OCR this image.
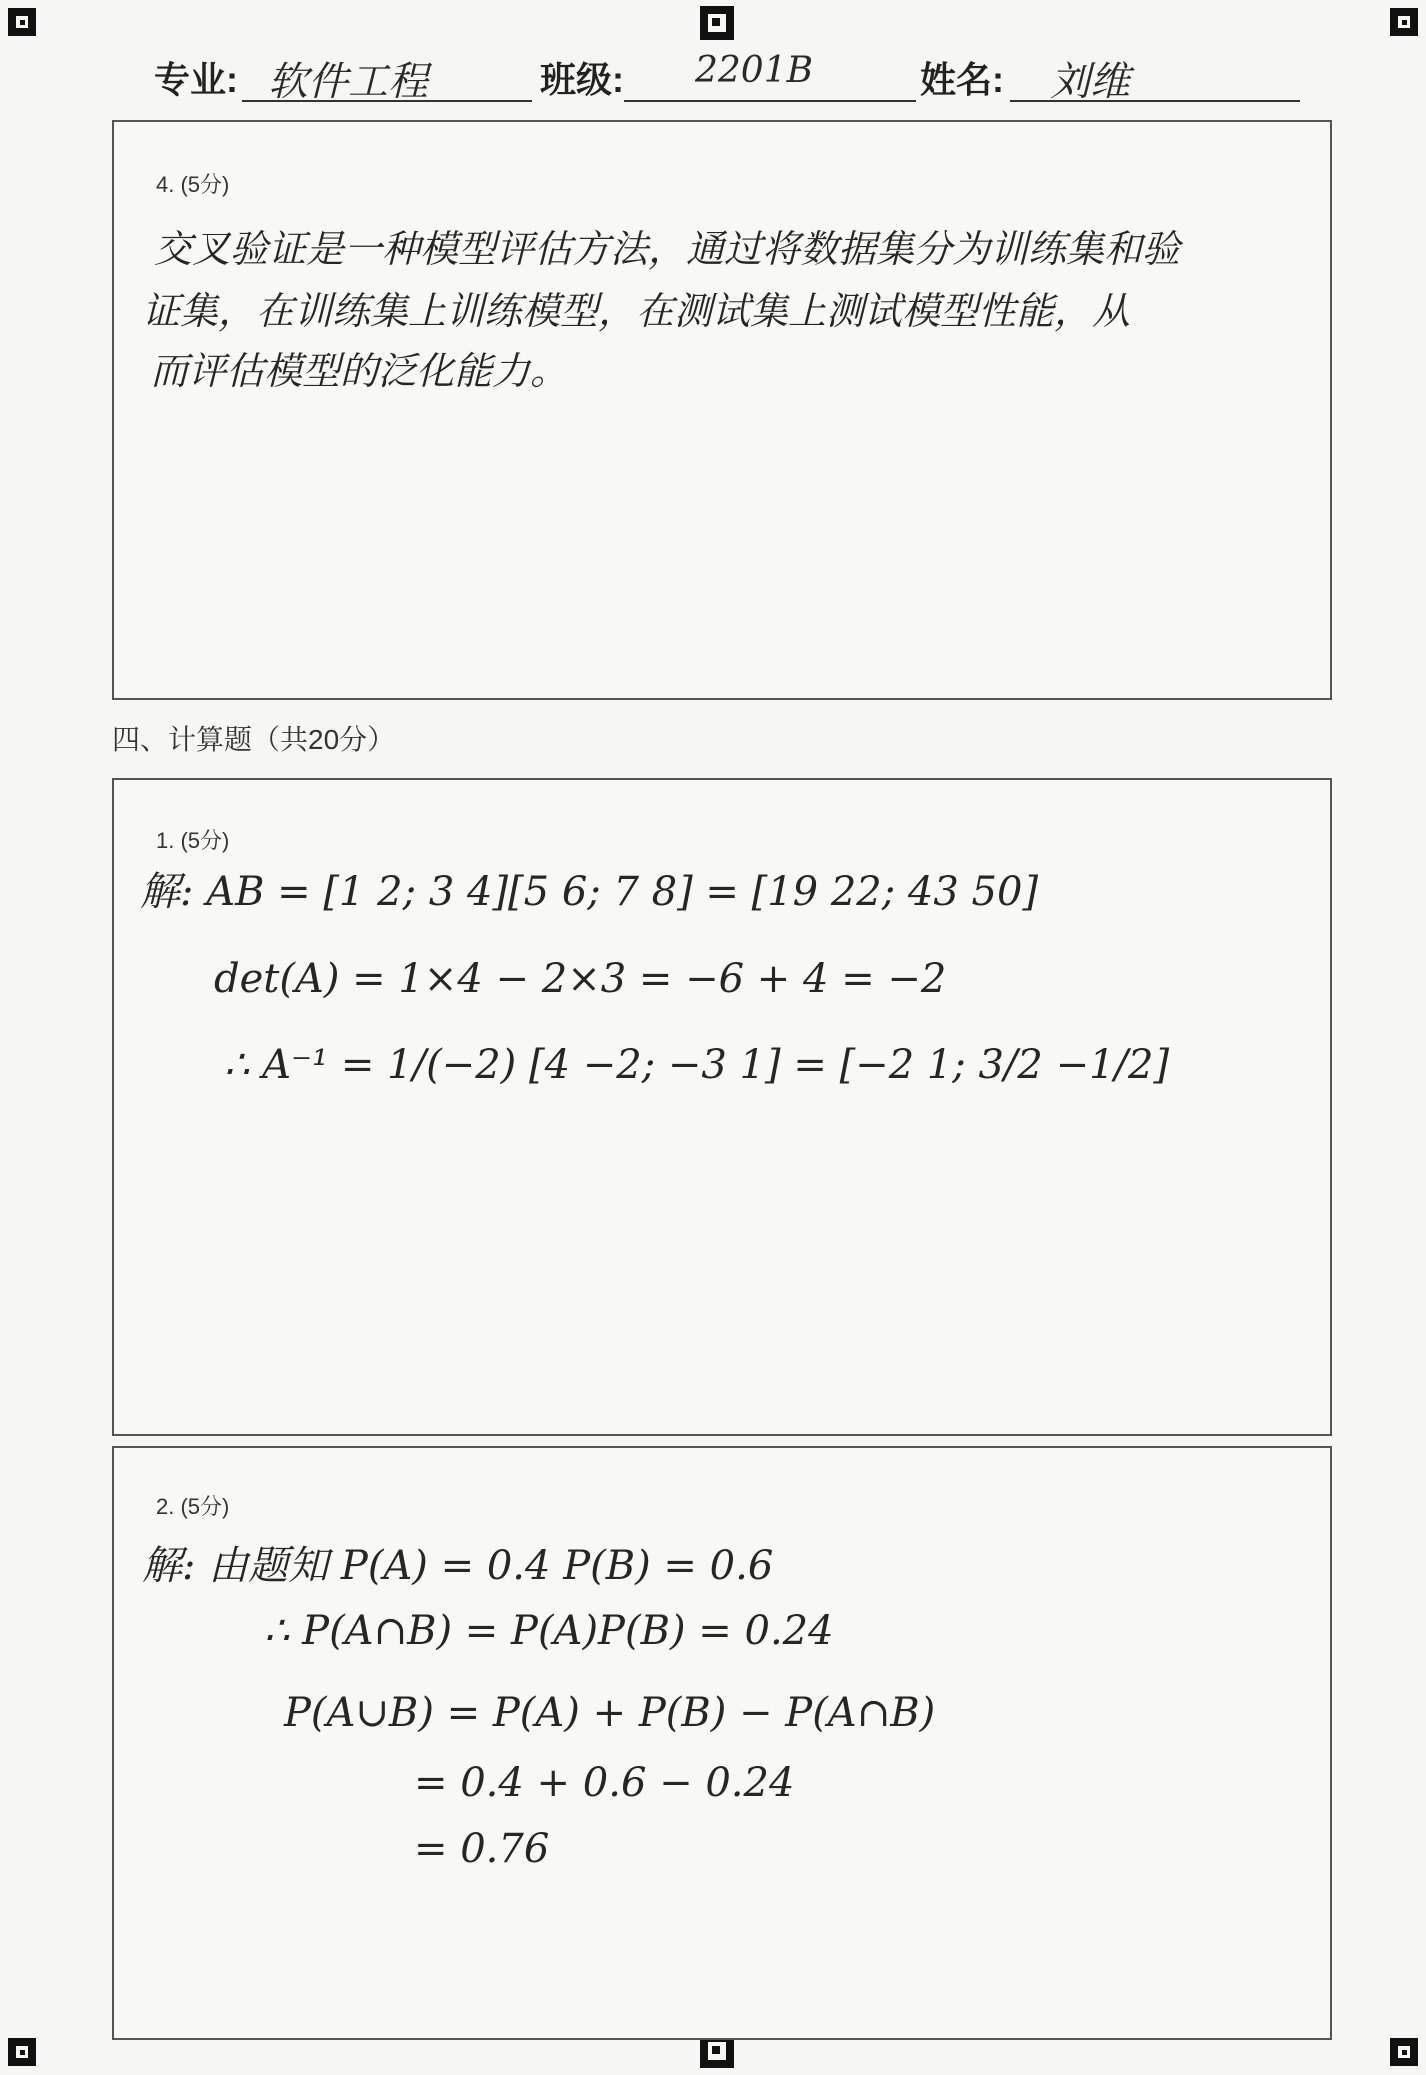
专业: 软件工程	班级: 2201B	姓名: 刘维
4. (5分)
交叉验证是一种模型评估方法，通过将数据集分为训练集和验
证集，在训练集上训练模型，在测试集上测试模型性能，从
而评估模型的泛化能力。
四、计算题（共20分）
1. (5分)
解: AB = [1 2; 3 4][5 6; 7 8] = [19 22; 43 50]
det(A) = 1×4 − 2×3 = −6 + 4 = −2
∴ A⁻¹ = 1/(−2) [4 −2; −3 1] = [−2 1; 3/2 −1/2]
2. (5分)
解: 由题知 P(A) = 0.4 P(B) = 0.6
∴ P(A∩B) = P(A)P(B) = 0.24
P(A∪B) = P(A) + P(B) − P(A∩B)
= 0.4 + 0.6 − 0.24
= 0.76
